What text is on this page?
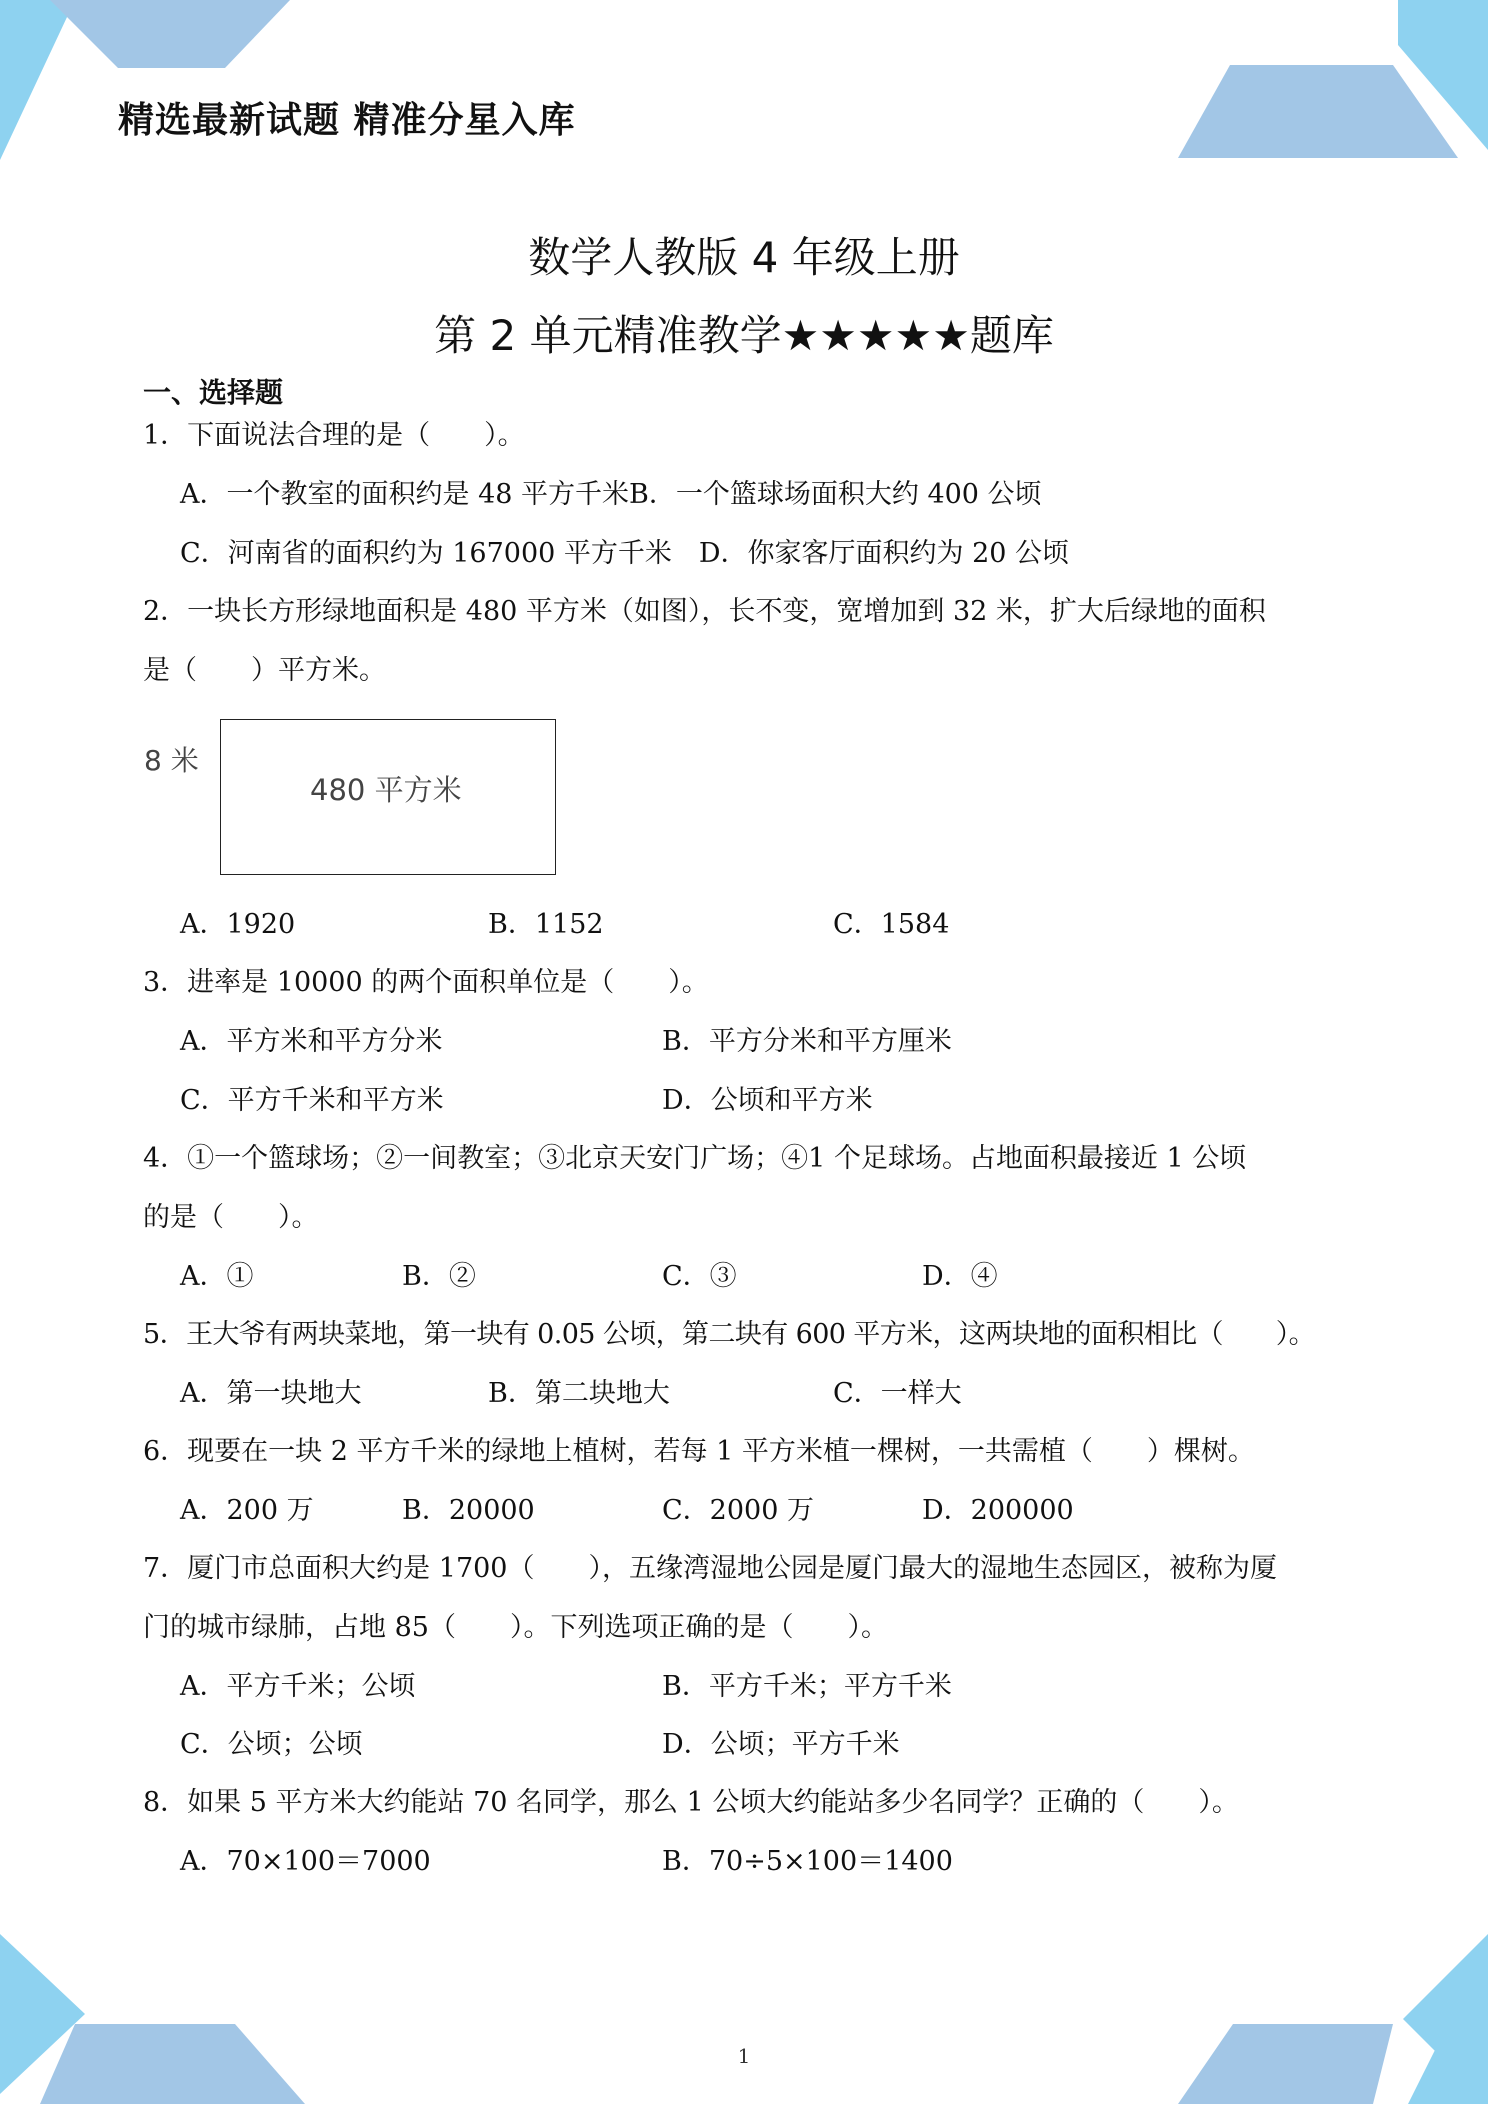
精选最新试题 精准分星入库

数学人教版 4 年级上册
第 2 单元精准教学★★★★★题库
一、选择题
1．下面说法合理的是（　　）。
A．一个教室的面积约是 48 平方千米B．一个篮球场面积大约 400 公顷
C．河南省的面积约为 167000 平方千米　D．你家客厅面积约为 20 公顷
2．一块长方形绿地面积是 480 平方米（如图），长不变，宽增加到 32 米，扩大后绿地的面积
是（　　）平方米。
8 米
480 平方米
A．1920	B．1152	C．1584
3．进率是 10000 的两个面积单位是（　　）。
A．平方米和平方分米	B．平方分米和平方厘米
C．平方千米和平方米	D．公顷和平方米
4．①一个篮球场；②一间教室；③北京天安门广场；④1 个足球场。占地面积最接近 1 公顷
的是（　　）。
A．①	B．②	C．③	D．④
5．王大爷有两块菜地，第一块有 0.05 公顷，第二块有 600 平方米，这两块地的面积相比（　　）。
A．第一块地大	B．第二块地大	C．一样大
6．现要在一块 2 平方千米的绿地上植树，若每 1 平方米植一棵树，一共需植（　　）棵树。
A．200 万	B．20000	C．2000 万	D．200000
7．厦门市总面积大约是 1700（　　），五缘湾湿地公园是厦门最大的湿地生态园区，被称为厦
门的城市绿肺，占地 85（　　）。下列选项正确的是（　　）。
A．平方千米；公顷	B．平方千米；平方千米
C．公顷；公顷	D．公顷；平方千米
8．如果 5 平方米大约能站 70 名同学，那么 1 公顷大约能站多少名同学？正确的（　　）。
A．70×100＝7000	B．70÷5×100＝1400
1
